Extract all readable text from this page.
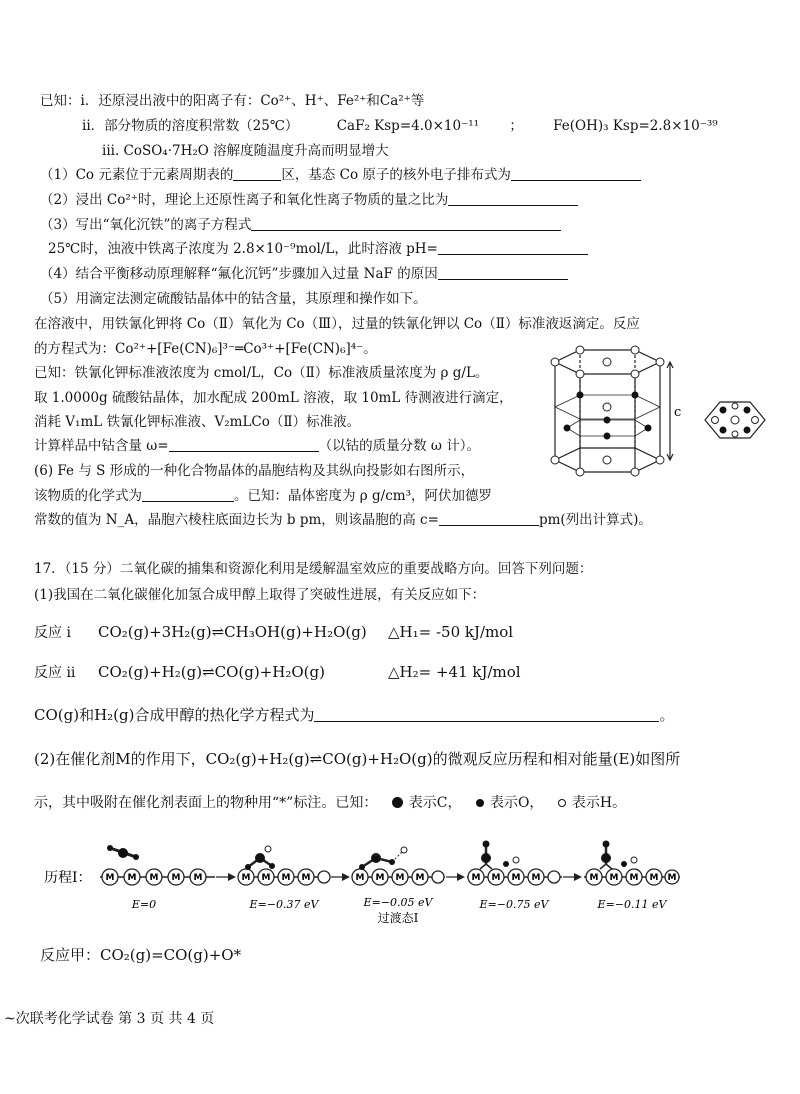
已知：i．还原浸出液中的阳离子有：Co²⁺、H⁺、Fe²⁺和Ca²⁺等
ii．部分物质的溶度积常数（25℃）	CaF₂ Ksp=4.0×10⁻¹¹ ； Fe(OH)₃ Ksp=2.8×10⁻³⁹
iii. CoSO₄·7H₂O 溶解度随温度升高而明显增大
（1）Co 元素位于元素周期表的	区，基态 Co 原子的核外电子排布式为
（2）浸出 Co²⁺时，理论上还原性离子和氧化性离子物质的量之比为
（3）写出“氧化沉铁”的离子方程式
25℃时，浊液中铁离子浓度为 2.8×10⁻⁹mol/L，此时溶液 pH=
（4）结合平衡移动原理解释“氟化沉钙”步骤加入过量 NaF 的原因
（5）用滴定法测定硫酸钴晶体中的钴含量，其原理和操作如下。
在溶液中，用铁氰化钾将 Co（Ⅱ）氧化为 Co（Ⅲ），过量的铁氰化钾以 Co（Ⅱ）标准液返滴定。反应
的方程式为：Co²⁺+[Fe(CN)₆]³⁻═Co³⁺+[Fe(CN)₆]⁴⁻。
已知：铁氰化钾标准液浓度为 cmol/L，Co（Ⅱ）标准液质量浓度为 ρ g/L。
取 1.0000g 硫酸钴晶体，加水配成 200mL 溶液，取 10mL 待测液进行滴定，
消耗 V₁mL 铁氰化钾标准液、V₂mLCo（Ⅱ）标准液。
计算样品中钴含量 ω=	（以钴的质量分数 ω 计）。
(6) Fe 与 S 形成的一种化合物晶体的晶胞结构及其纵向投影如右图所示，
该物质的化学式为	。已知：晶体密度为 ρ g/cm³，阿伏加德罗
常数的值为 N_A，晶胞六棱柱底面边长为 b pm，则该晶胞的高 c=	pm(列出计算式)。
c
17．（15 分）二氧化碳的捕集和资源化利用是缓解温室效应的重要战略方向。回答下列问题：
(1)我国在二氧化碳催化加氢合成甲醇上取得了突破性进展，有关反应如下：
反应 i CO₂(g)+3H₂(g)⇌CH₃OH(g)+H₂O(g) △H₁= -50 kJ/mol
反应 ii CO₂(g)+H₂(g)⇌CO(g)+H₂O(g)	△H₂= +41 kJ/mol
CO(g)和H₂(g)合成甲醇的热化学方程式为	。
(2)在催化剂M的作用下，CO₂(g)+H₂(g)⇌CO(g)+H₂O(g)的微观反应历程和相对能量(E)如图所
示，其中吸附在催化剂表面上的物种用“*”标注。已知： 表示C， 表示O， 表示H。
历程Ⅰ： M M M M M
E=0
M M M M
E=−0.37 eV
M M M M
E=−0.05 eV
过渡态Ⅰ
M M M M
E=−0.75 eV
M M M M M
E=−0.11 eV
反应甲：CO₂(g)=CO(g)+O*
~次联考化学试卷 第 3 页 共 4 页
